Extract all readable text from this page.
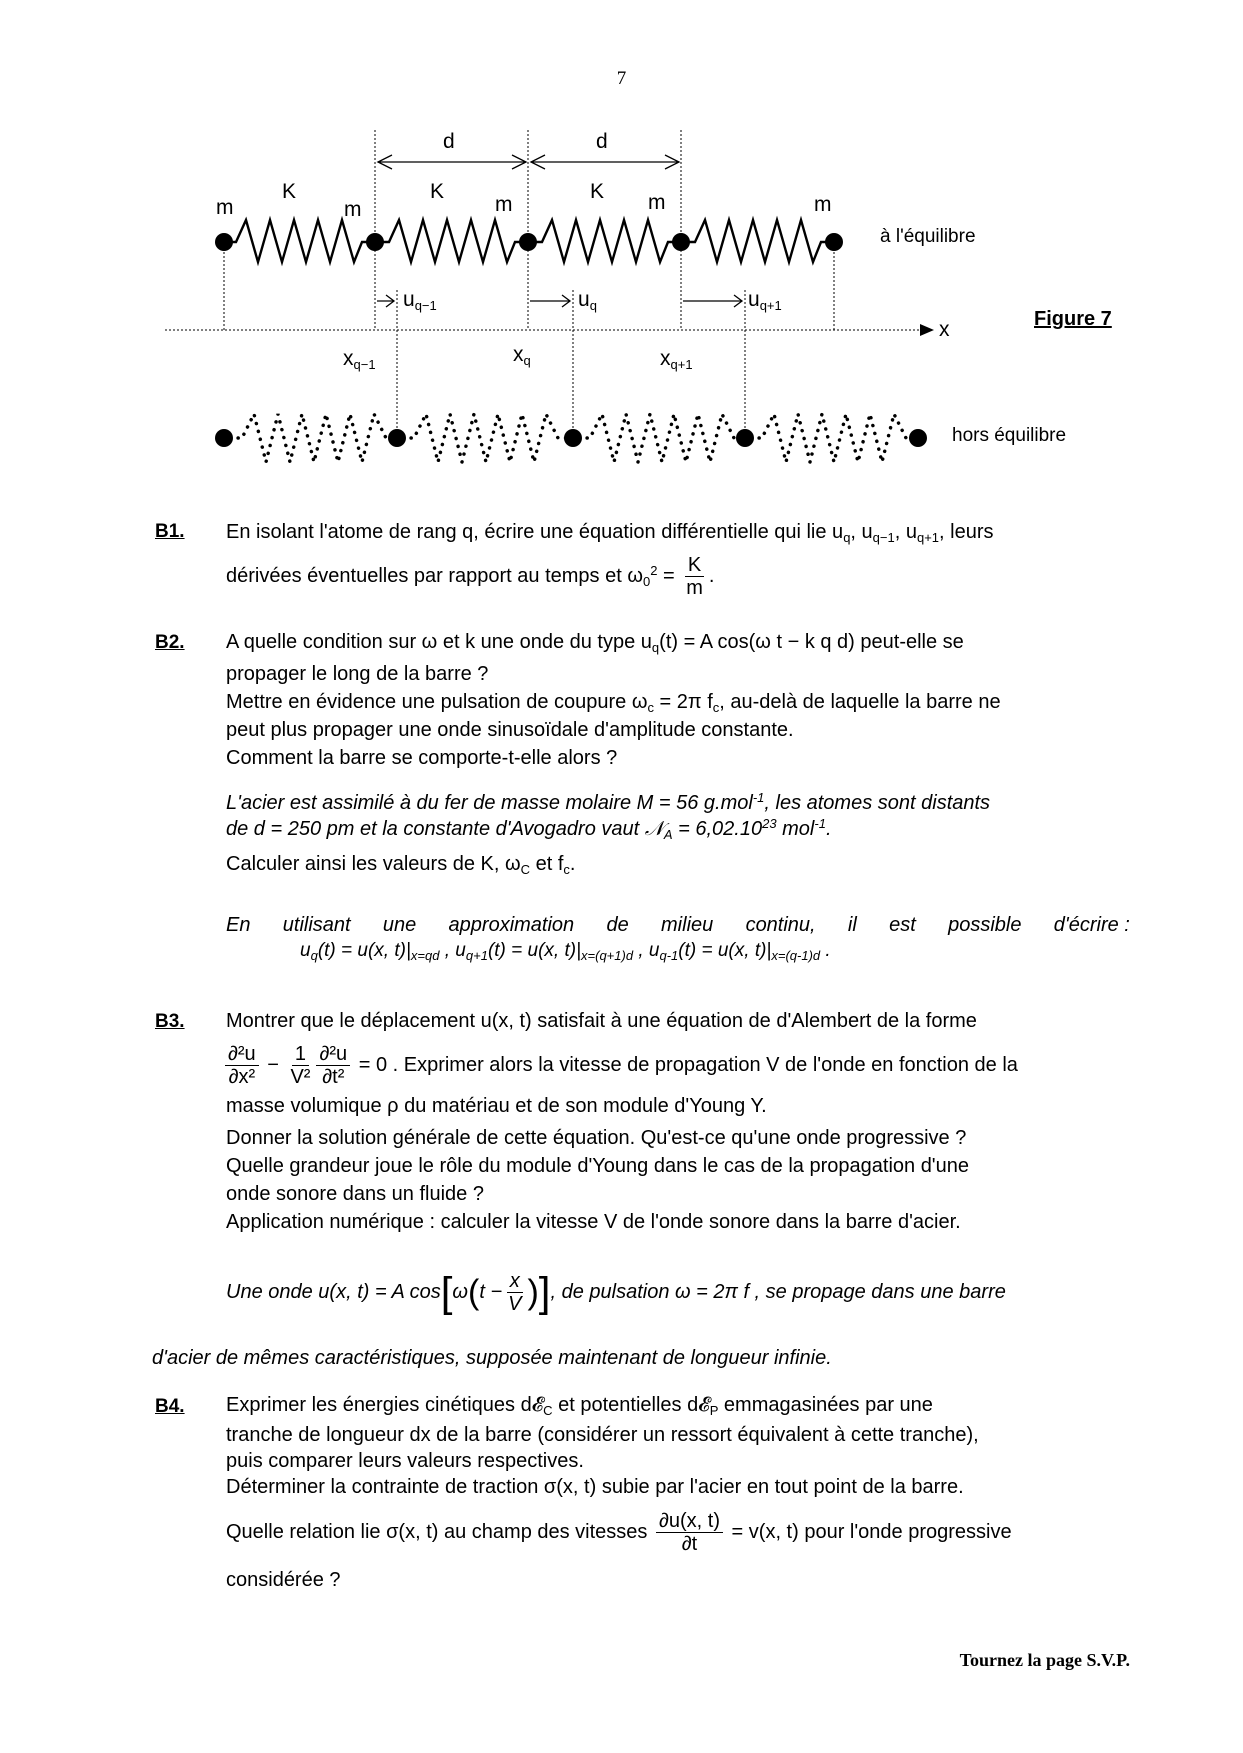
7
d	d
K	K	K
m	m	m	m	m
à l'équilibre
$u_{q-1}$	$u_q$	$u_{q+1}$
x	Figure 7
$x_{q-1}$	$x_q$	$x_{q+1}$
hors équilibre
B1. En isolant l'atome de rang q, écrire une équation différentielle qui lie $u_q$, $u_{q-1}$, $u_{q+1}$, leurs
dérivées éventuelles par rapport au temps et $\omega_0^2 = \frac{K}{m}$ .
B2. A quelle condition sur ω et k une onde du type $u_q(t) = A$ cos(ω t − k q d) peut-elle se
propager le long de la barre ?
Mettre en évidence une pulsation de coupure $\omega_c = 2\pi$ $f_c$, au-delà de laquelle la barre ne
peut plus propager une onde sinusoïdale d'amplitude constante.
Comment la barre se comporte-t-elle alors ?
L'acier est assimilé à du fer de masse molaire M = 56 g.mol$^{-1}$, les atomes sont distants
de d = 250 pm et la constante d'Avogadro vaut 𝒩$_A$ = $6,02.10^{23}$ mol$^{-1}$.
Calculer ainsi les valeurs de K, $\omega_C$ et $f_c$.
En utilisant une approximation de milieu continu, il est possible d'écrire :
$u_q(t) = u(x$, $t)|_{x=qd}$ , $u_{q+1}(t) = u(x$, $t)|_{x=(q+1)d}$ , $u_{q-1}(t) = u(x$, $t)|_{x=(q-1)d}$ .
B3. Montrer que le déplacement u(x, t) satisfait à une équation de d'Alembert de la forme
$\frac{\text{∂²u}}{\text{∂x²}} - \frac{1}{\text{V²}} \frac{\text{∂²u}}{\text{∂t²}} = 0$ . Exprimer alors la vitesse de propagation V de l'onde en fonction de la
masse volumique ρ du matériau et de son module d'Young Y.
Donner la solution générale de cette équation. Qu'est-ce qu'une onde progressive ?
Quelle grandeur joue le rôle du module d'Young dans le cas de la propagation d'une
onde sonore dans un fluide ?
Application numérique : calculer la vitesse V de l'onde sonore dans la barre d'acier.
Une onde u(x, t) = A $\cos[\omega(t - \frac{x}{V}$ )], de pulsation ω = 2π f , se propage dans une barre
d'acier de mêmes caractéristiques, supposée maintenant de longueur infinie.
B4. Exprimer les énergies cinétiques d𝓔$_C$ et potentielles d𝓔$_P$ emmagasinées par une
tranche de longueur dx de la barre (considérer un ressort équivalent à cette tranche),
puis comparer leurs valeurs respectives.
Déterminer la contrainte de traction σ(x, t) subie par l'acier en tout point de la barre.
Quelle relation lie σ(x, t) au champ des vitesses $\frac{\partial u(x, t)}{\partial t} = v(x$, t) pour l'onde progressive
considérée ?
Tournez la page S.V.P.
